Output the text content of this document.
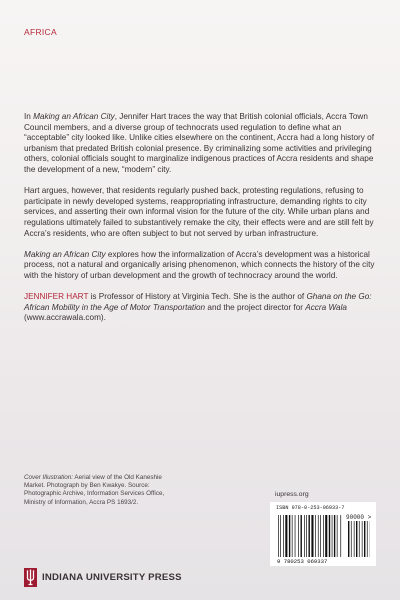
AFRICA

In Making an African City, Jennifer Hart traces the way that British colonial officials, Accra Town Council members, and a diverse group of technocrats used regulation to define what an “acceptable” city looked like. Unlike cities elsewhere on the continent, Accra had a long history of urbanism that predated British colonial presence. By criminalizing some activities and privileging others, colonial officials sought to marginalize indigenous practices of Accra residents and shape the development of a new, “modern” city.

Hart argues, however, that residents regularly pushed back, protesting regulations, refusing to participate in newly developed systems, reappropriating infrastructure, demanding rights to city services, and asserting their own informal vision for the future of the city. While urban plans and regulations ultimately failed to substantively remake the city, their effects were and are still felt by Accra’s residents, who are often subject to but not served by urban infrastructure.

Making an African City explores how the informalization of Accra’s development was a historical process, not a natural and organically arising phenomenon, which connects the history of the city with the history of urban development and the growth of technocracy around the world.

JENNIFER HART is Professor of History at Virginia Tech. She is the author of Ghana on the Go: African Mobility in the Age of Motor Transportation and the project director for Accra Wala (www.accrawala.com).

Cover Illustration: Aerial view of the Old Kaneshie Market. Photograph by Ben Kwakye. Source: Photographic Archive, Information Services Office, Ministry of Information, Accra PS 1693/2.
iupress.org
ISBN 978-0-253-06933-7
90000 >
9 780253 069337
INDIANA UNIVERSITY PRESS
